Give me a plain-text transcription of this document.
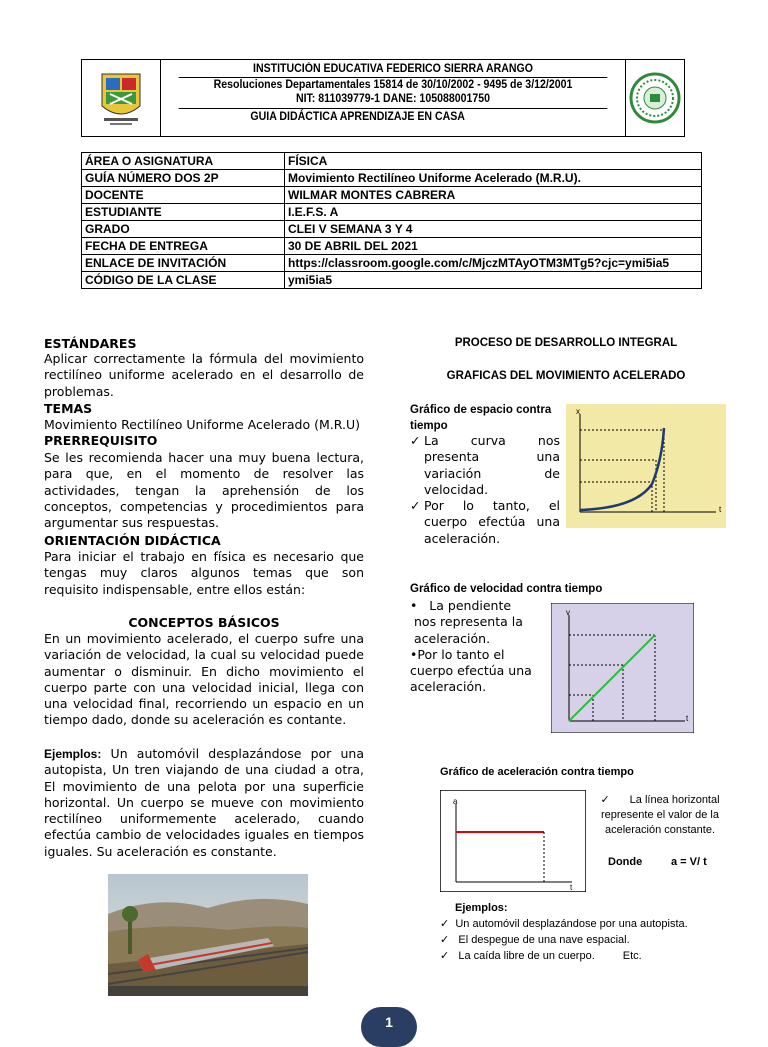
INSTITUCIÓN EDUCATIVA FEDERICO SIERRA ARANGO
Resoluciones Departamentales 15814 de 30/10/2002 - 9495 de 3/12/2001
NIT: 811039779-1 DANE: 105088001750
GUIA DIDÁCTICA APRENDIZAJE EN CASA
ÁREA O ASIGNATURA	FÍSICA
GUÍA NÚMERO DOS 2P	Movimiento Rectilíneo Uniforme Acelerado (M.R.U).
DOCENTE	WILMAR MONTES CABRERA
ESTUDIANTE	I.E.F.S. A
GRADO	CLEI V SEMANA 3 Y 4
FECHA DE ENTREGA	30 DE ABRIL DEL 2021
ENLACE DE INVITACIÓN	https://classroom.google.com/c/MjczMTAyOTM3MTg5?cjc=ymi5ia5
CÓDIGO DE LA CLASE	ymi5ia5
ESTÁNDARES
Aplicar correctamente la fórmula del movimiento rectilíneo uniforme acelerado en el desarrollo de problemas.
TEMAS
Movimiento Rectilíneo Uniforme Acelerado (M.R.U)
PRERREQUISITO
Se les recomienda hacer una muy buena lectura, para que, en el momento de resolver las actividades, tengan la aprehensión de los conceptos, competencias y procedimientos para argumentar sus respuestas.
ORIENTACIÓN DIDÁCTICA
Para iniciar el trabajo en física es necesario que tengas muy claros algunos temas que son requisito indispensable, entre ellos están:
CONCEPTOS BÁSICOS
En un movimiento acelerado, el cuerpo sufre una variación de velocidad, la cual su velocidad puede aumentar o disminuir. En dicho movimiento el cuerpo parte con una velocidad inicial, llega con una velocidad final, recorriendo un espacio en un tiempo dado, donde su aceleración es contante.
Ejemplos: Un automóvil desplazándose por una autopista, Un tren viajando de una ciudad a otra, El movimiento de una pelota por una superficie horizontal. Un cuerpo se mueve con movimiento rectilíneo uniformemente acelerado, cuando efectúa cambio de velocidades iguales en tiempos iguales. Su aceleración es constante.
PROCESO DE DESARROLLO INTEGRAL
GRAFICAS DEL MOVIMIENTO ACELERADO
Gráfico de espacio contra tiempo
✓ La curva nos presenta una variación de velocidad.
✓ Por lo tanto, el cuerpo efectúa una aceleración.
x
t
Gráfico de velocidad contra tiempo
•   La pendiente
nos representa la aceleración.
•Por lo tanto el cuerpo efectúa una aceleración.
v
t
Gráfico de aceleración contra tiempo
a
t
✓ La línea horizontal represente el valor de la aceleración constante.
Donde	a = V/ t
Ejemplos:
✓  Un automóvil desplazándose por una autopista.
✓   El despegue de una nave espacial.
✓   La caída libre de un cuerpo.	Etc.
1
